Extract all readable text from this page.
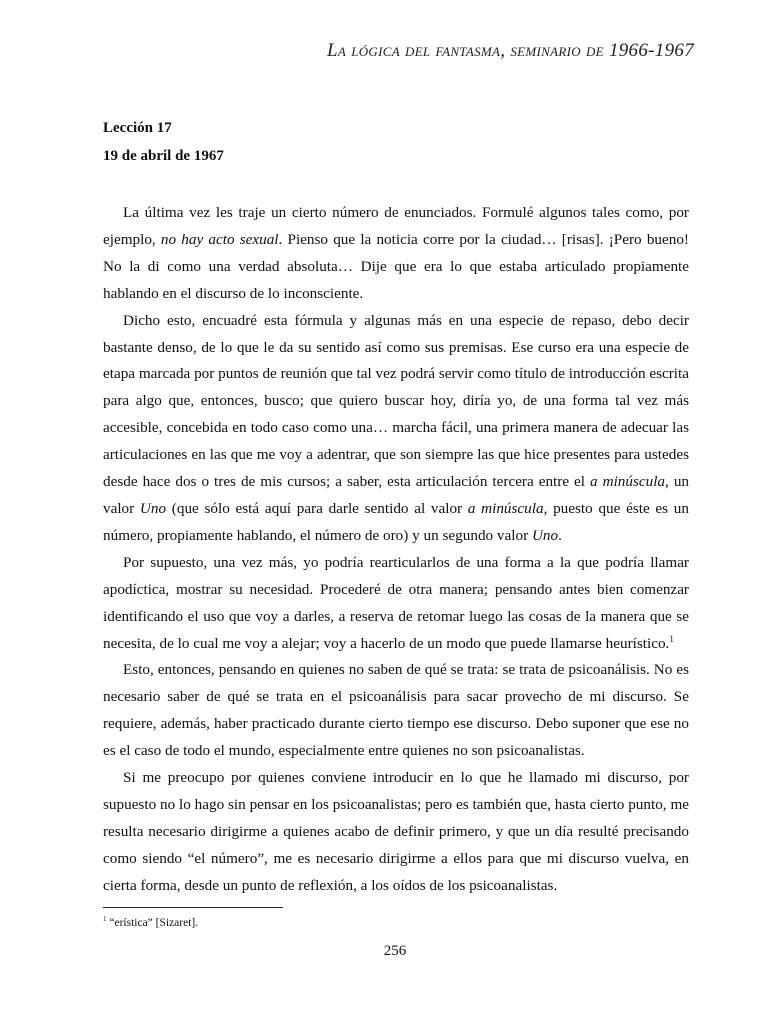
La lógica del fantasma, seminario de 1966-1967

Lección 17

19 de abril de 1967

La última vez les traje un cierto número de enunciados. Formulé algunos tales como, por ejemplo, no hay acto sexual. Pienso que la noticia corre por la ciudad… [risas]. ¡Pero bueno! No la di como una verdad absoluta… Dije que era lo que estaba articulado propiamente hablando en el discurso de lo inconsciente.

Dicho esto, encuadré esta fórmula y algunas más en una especie de repaso, debo decir bastante denso, de lo que le da su sentido así como sus premisas. Ese curso era una especie de etapa marcada por puntos de reunión que tal vez podrá servir como título de introducción escrita para algo que, entonces, busco; que quiero buscar hoy, diría yo, de una forma tal vez más accesible, concebida en todo caso como una… marcha fácil, una primera manera de adecuar las articulaciones en las que me voy a adentrar, que son siempre las que hice presentes para ustedes desde hace dos o tres de mis cursos; a saber, esta articulación tercera entre el a minúscula, un valor Uno (que sólo está aquí para darle sentido al valor a minúscula, puesto que éste es un número, propiamente hablando, el número de oro) y un segundo valor Uno.

Por supuesto, una vez más, yo podría rearticularlos de una forma a la que podría llamar apodíctica, mostrar su necesidad. Procederé de otra manera; pensando antes bien comenzar identificando el uso que voy a darles, a reserva de retomar luego las cosas de la manera que se necesita, de lo cual me voy a alejar; voy a hacerlo de un modo que puede llamarse heurístico.$^1$

Esto, entonces, pensando en quienes no saben de qué se trata: se trata de psicoanálisis. No es necesario saber de qué se trata en el psicoanálisis para sacar provecho de mi discurso. Se requiere, además, haber practicado durante cierto tiempo ese discurso. Debo suponer que ese no es el caso de todo el mundo, especialmente entre quienes no son psicoanalistas.

Si me preocupo por quienes conviene introducir en lo que he llamado mi discurso, por supuesto no lo hago sin pensar en los psicoanalistas; pero es también que, hasta cierto punto, me resulta necesario dirigirme a quienes acabo de definir primero, y que un día resulté precisando como siendo “el número”, me es necesario dirigirme a ellos para que mi discurso vuelva, en cierta forma, desde un punto de reflexión, a los oídos de los psicoanalistas.

$^1$ “erística” [Sizaret].
256
